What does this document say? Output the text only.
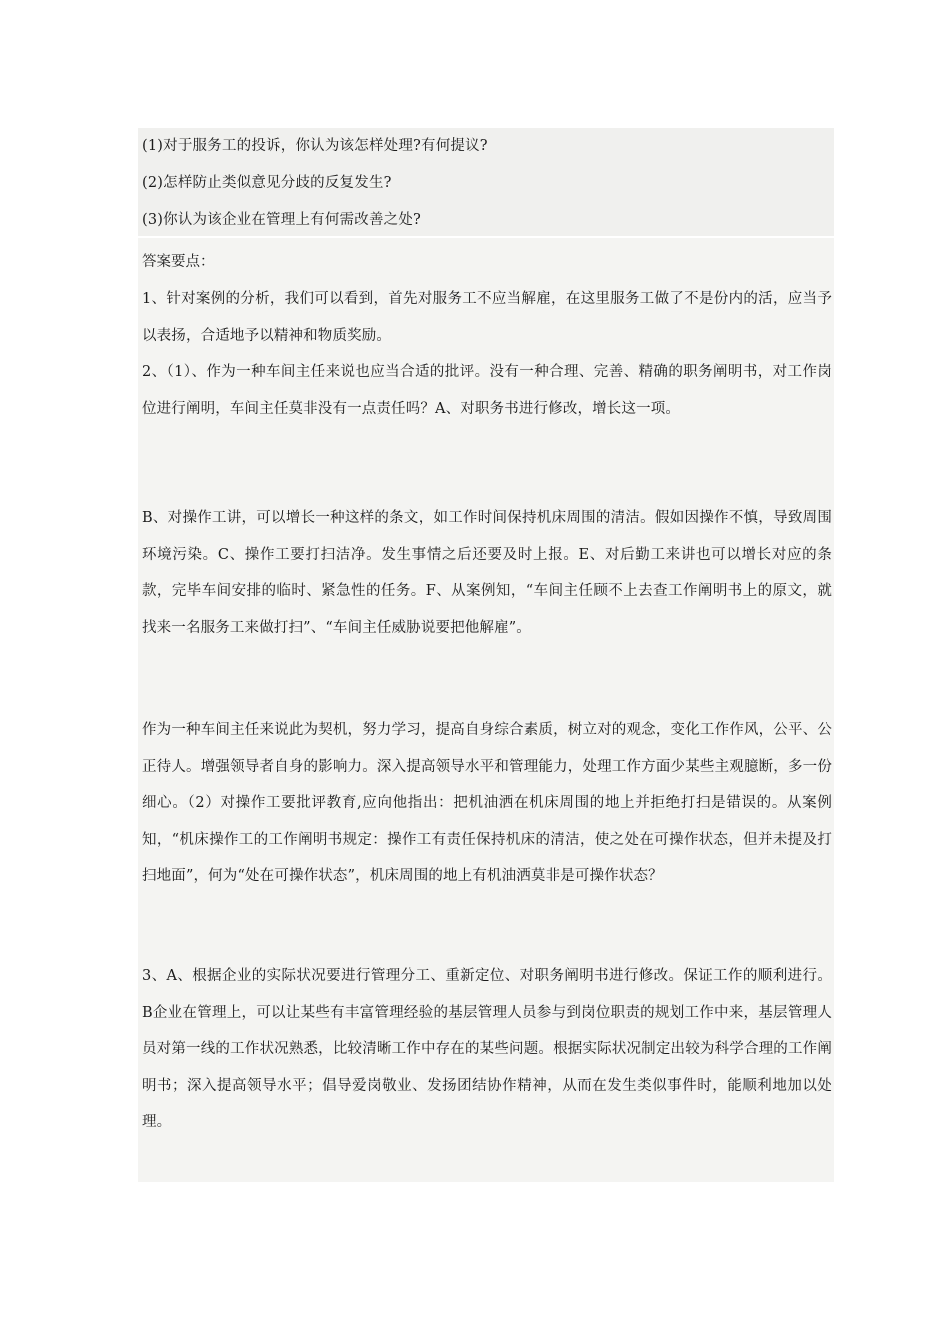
(1)对于服务工的投诉，你认为该怎样处理?有何提议?
(2)怎样防止类似意见分歧的反复发生?
(3)你认为该企业在管理上有何需改善之处?
答案要点：
1、针对案例的分析，我们可以看到，首先对服务工不应当解雇，在这里服务工做了不是份内的活，应当予以表扬，合适地予以精神和物质奖励。
2、（1）、作为一种车间主任来说也应当合适的批评。没有一种合理、完善、精确的职务阐明书，对工作岗位进行阐明，车间主任莫非没有一点责任吗？A、对职务书进行修改，增长这一项。
B、对操作工讲，可以增长一种这样的条文，如工作时间保持机床周围的清洁。假如因操作不慎，导致周围环境污染。C、操作工要打扫洁净。发生事情之后还要及时上报。E、对后勤工来讲也可以增长对应的条款，完毕车间安排的临时、紧急性的任务。F、从案例知，“车间主任顾不上去查工作阐明书上的原文，就找来一名服务工来做打扫”、“车间主任威胁说要把他解雇”。
作为一种车间主任来说此为契机，努力学习，提高自身综合素质，树立对的观念，变化工作作风，公平、公正待人。增强领导者自身的影响力。深入提高领导水平和管理能力，处理工作方面少某些主观臆断，多一份细心。（2）对操作工要批评教育,应向他指出：把机油洒在机床周围的地上并拒绝打扫是错误的。从案例知，“机床操作工的工作阐明书规定：操作工有责任保持机床的清洁，使之处在可操作状态，但并未提及打扫地面”，何为“处在可操作状态”，机床周围的地上有机油洒莫非是可操作状态？
3、A、根据企业的实际状况要进行管理分工、重新定位、对职务阐明书进行修改。保证工作的顺利进行。B企业在管理上，可以让某些有丰富管理经验的基层管理人员参与到岗位职责的规划工作中来，基层管理人员对第一线的工作状况熟悉，比较清晰工作中存在的某些问题。根据实际状况制定出较为科学合理的工作阐明书；深入提高领导水平；倡导爱岗敬业、发扬团结协作精神，从而在发生类似事件时，能顺利地加以处理。
